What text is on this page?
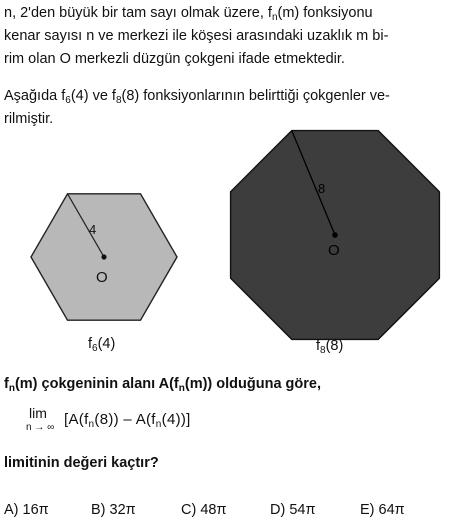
n, 2'den büyük bir tam sayı olmak üzere, $f_n(m)$ fonksiyonu
kenar sayısı n ve merkezi ile köşesi arasındaki uzaklık m bi-
rim olan O merkezli düzgün çokgeni ifade etmektedir.
Aşağıda $f_6(4)$ ve $f_8(8)$ fonksiyonlarının belirttiği çokgenler ve-
rilmiştir.
4
O
8
O
$f_6(4)$	$f_8(8)$
$f_n(m)$ çokgeninin alanı $A(f_n(m))$ olduğuna göre,
lim
n → ∞ $[A(f_n(8)) - A(f_n(4))]$
limitinin değeri kaçtır?
A) 16π	B) 32π	C) 48π	D) 54π	E) 64π
